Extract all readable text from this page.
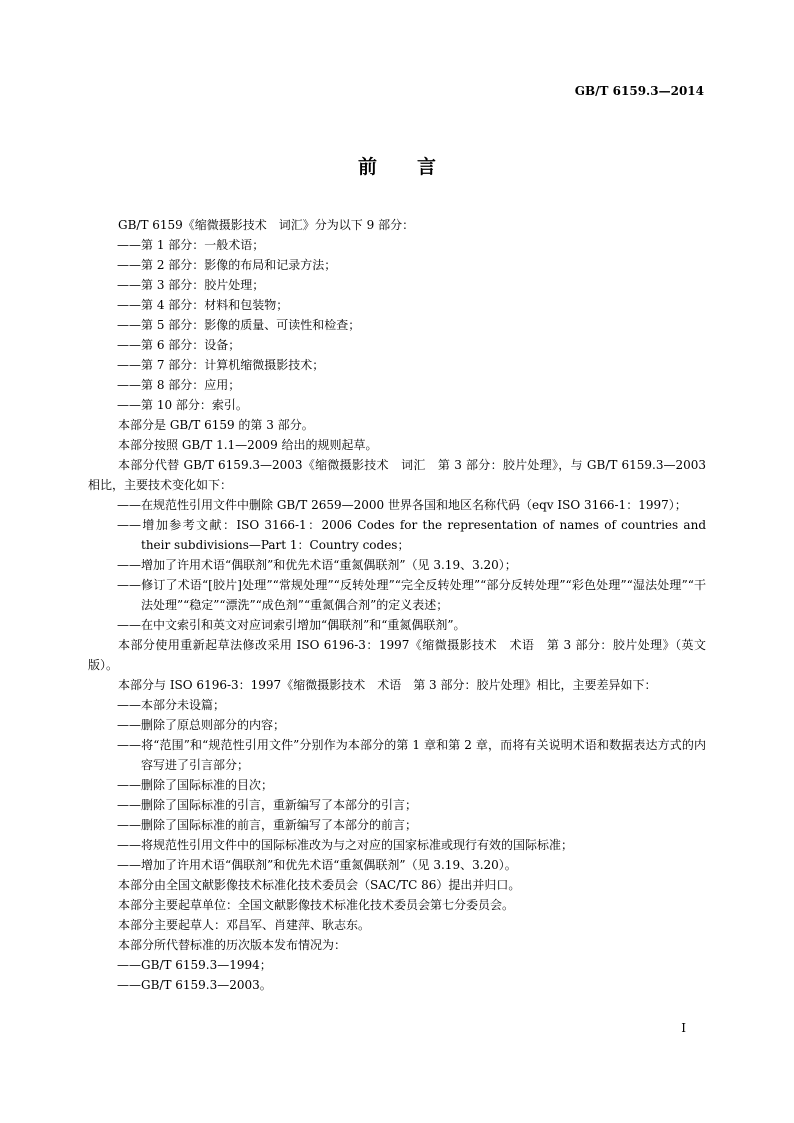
GB/T 6159.3—2014
前言

GB/T 6159《缩微摄影技术　词汇》分为以下 9 部分：

——第 1 部分：一般术语；

——第 2 部分：影像的布局和记录方法；

——第 3 部分：胶片处理；

——第 4 部分：材料和包装物；

——第 5 部分：影像的质量、可读性和检查；

——第 6 部分：设备；

——第 7 部分：计算机缩微摄影技术；

——第 8 部分：应用；

——第 10 部分：索引。

本部分是 GB/T 6159 的第 3 部分。

本部分按照 GB/T 1.1—2009 给出的规则起草。

本部分代替 GB/T 6159.3—2003《缩微摄影技术　词汇　第 3 部分：胶片处理》，与 GB/T 6159.3—2003 相比，主要技术变化如下：

——在规范性引用文件中删除 GB/T 2659—2000 世界各国和地区名称代码（eqv ISO 3166-1：1997）；

——增加参考文献：ISO 3166-1：2006 Codes for the representation of names of countries and their subdivisions—Part 1：Country codes；

——增加了许用术语“偶联剂”和优先术语“重氮偶联剂”（见 3.19、3.20）；

——修订了术语“[胶片]处理”“常规处理”“反转处理”“完全反转处理”“部分反转处理”“彩色处理”“湿法处理”“干法处理”“稳定”“漂洗”“成色剂”“重氮偶合剂”的定义表述；

——在中文索引和英文对应词索引增加“偶联剂”和“重氮偶联剂”。

本部分使用重新起草法修改采用 ISO 6196-3：1997《缩微摄影技术　术语　第 3 部分：胶片处理》（英文版）。

本部分与 ISO 6196-3：1997《缩微摄影技术　术语　第 3 部分：胶片处理》相比，主要差异如下：

——本部分未设篇；

——删除了原总则部分的内容；

——将“范围”和“规范性引用文件”分别作为本部分的第 1 章和第 2 章，而将有关说明术语和数据表达方式的内容写进了引言部分；

——删除了国际标准的目次；

——删除了国际标准的引言，重新编写了本部分的引言；

——删除了国际标准的前言，重新编写了本部分的前言；

——将规范性引用文件中的国际标准改为与之对应的国家标准或现行有效的国际标准；

——增加了许用术语“偶联剂”和优先术语“重氮偶联剂”（见 3.19、3.20）。

本部分由全国文献影像技术标准化技术委员会（SAC/TC 86）提出并归口。

本部分主要起草单位：全国文献影像技术标准化技术委员会第七分委员会。

本部分主要起草人：邓昌军、肖建萍、耿志东。

本部分所代替标准的历次版本发布情况为：

——GB/T 6159.3—1994；

——GB/T 6159.3—2003。

I
